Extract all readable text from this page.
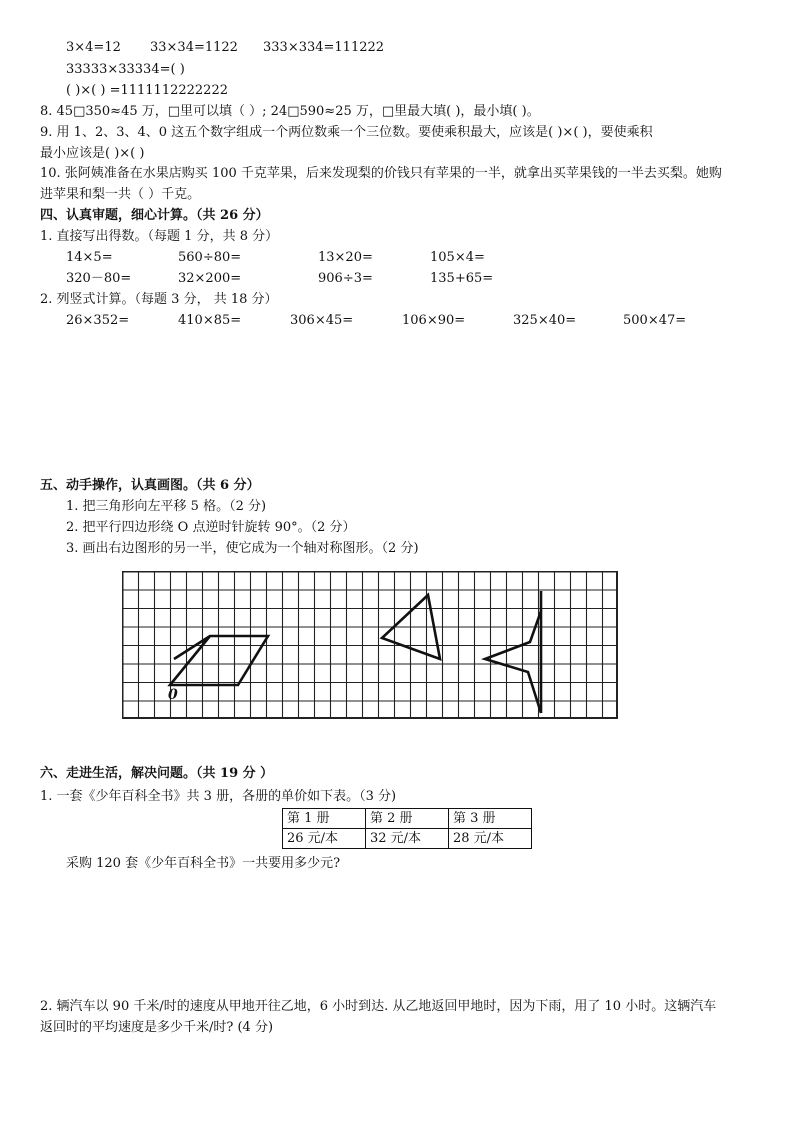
3×4=12 33×34=1122 333×334=111222
33333×33334=( )
( )×( ) =1111112222222
8. 45□350≈45 万，□里可以填（ ）; 24□590≈25 万，□里最大填( )，最小填( )。
9. 用 1、2、3、4、0 这五个数字组成一个两位数乘一个三位数。要使乘积最大，应该是( )×( )，要使乘积
最小应该是( )×( )
10. 张阿姨准备在水果店购买 100 千克苹果，后来发现梨的价钱只有苹果的一半，就拿出买苹果钱的一半去买梨。她购
进苹果和梨一共（ ）千克。
四、认真审题，细心计算。（共 26 分）
1. 直接写出得数。（每题 1 分，共 8 分）
14×5=	560÷80=	13×20=	105×4=
320－80=	32×200=	906÷3=	135+65=
2. 列竖式计算。（每题 3 分， 共 18 分）
26×352=	410×85=	306×45=	106×90=	325×40=	500×47=
五、动手操作，认真画图。（共 6 分）
1. 把三角形向左平移 5 格。（2 分)
2. 把平行四边形绕 O 点逆时针旋转 90°。（2 分）
3. 画出右边图形的另一半，使它成为一个轴对称图形。（2 分)
0
六、走进生活，解决问题。（共 19 分 ）
1. 一套《少年百科全书》共 3 册，各册的单价如下表。（3 分)
第 1 册	第 2 册	第 3 册
26 元/本	32 元/本	28 元/本
采购 120 套《少年百科全书》一共要用多少元?
2. 辆汽车以 90 千米/时的速度从甲地开往乙地，6 小时到达. 从乙地返回甲地时，因为下雨，用了 10 小时。这辆汽车
返回时的平均速度是多少千米/时? (4 分)
